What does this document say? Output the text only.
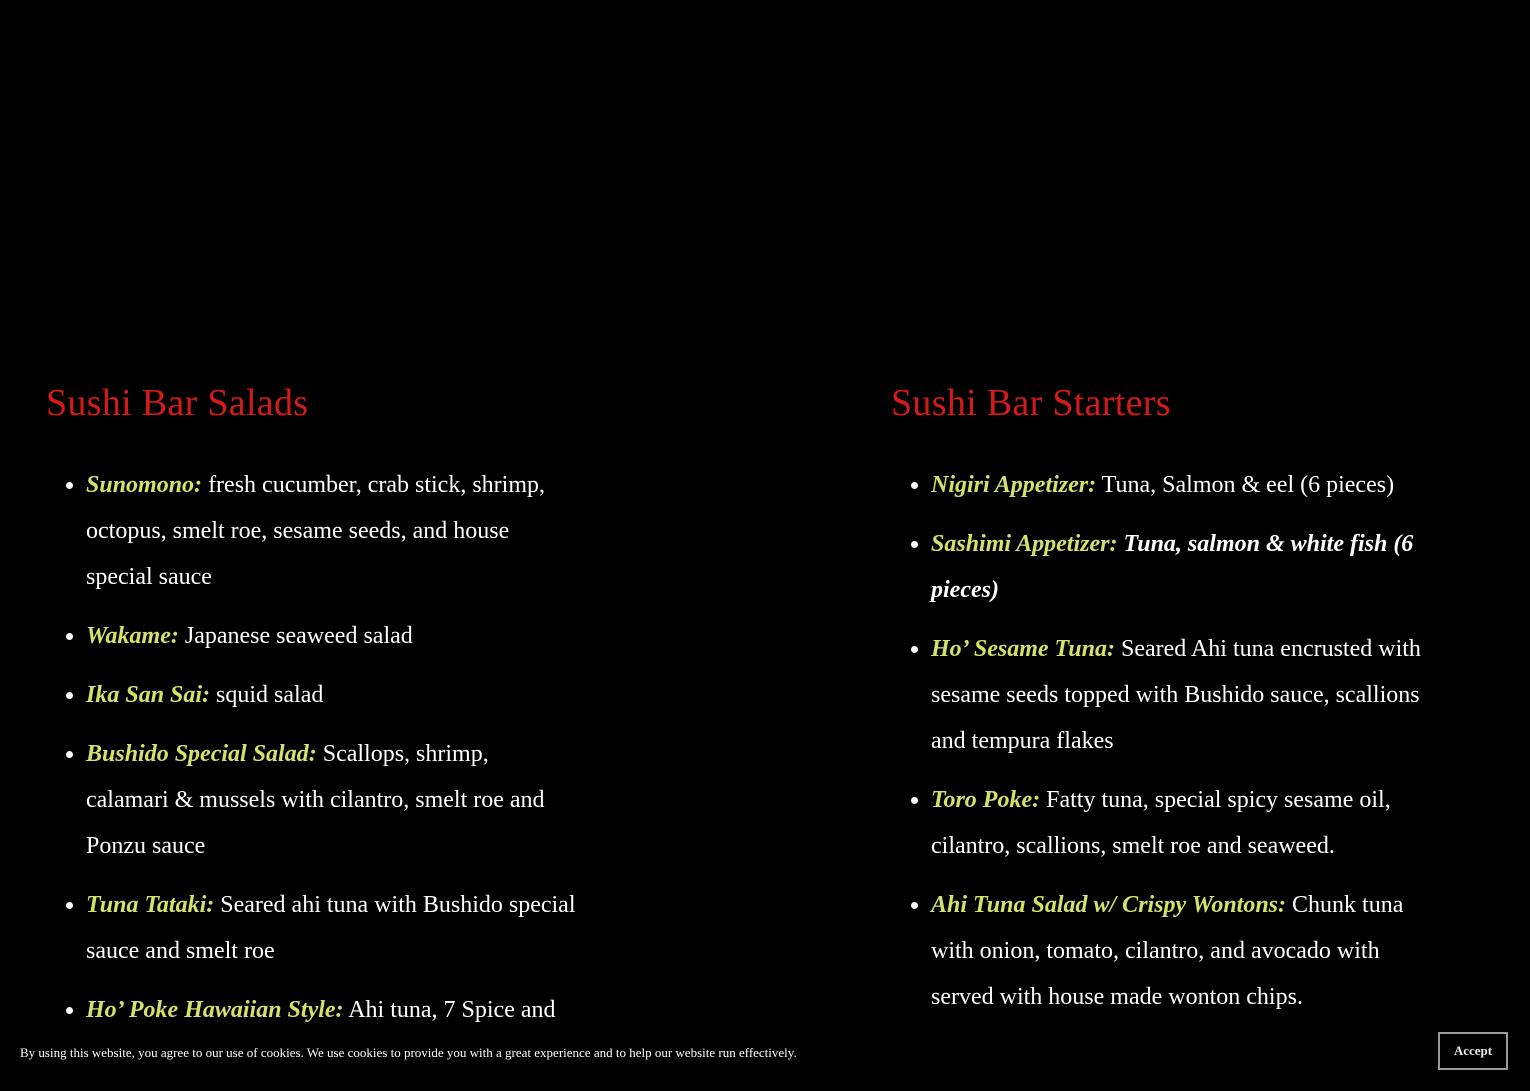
Sushi Bar Salads
• Sunomono: fresh cucumber, crab stick, shrimp, octopus, smelt roe, sesame seeds, and house special sauce
• Wakame: Japanese seaweed salad
• Ika San Sai: squid salad
• Bushido Special Salad: Scallops, shrimp, calamari & mussels with cilantro, smelt roe and Ponzu sauce
• Tuna Tataki: Seared ahi tuna with Bushido special sauce and smelt roe
• Ho’ Poke Hawaiian Style: Ahi tuna, 7 Spice and
Sushi Bar Starters
• Nigiri Appetizer: Tuna, Salmon & eel (6 pieces)
• Sashimi Appetizer: Tuna, salmon & white fish (6 pieces)
• Ho’ Sesame Tuna: Seared Ahi tuna encrusted with sesame seeds topped with Bushido sauce, scallions and tempura flakes
• Toro Poke: Fatty tuna, special spicy sesame oil, cilantro, scallions, smelt roe and seaweed.
• Ahi Tuna Salad w/ Crispy Wontons: Chunk tuna with onion, tomato, cilantro, and avocado with served with house made wonton chips.
By using this website, you agree to our use of cookies. We use cookies to provide you with a great experience and to help our website run effectively.	Accept
